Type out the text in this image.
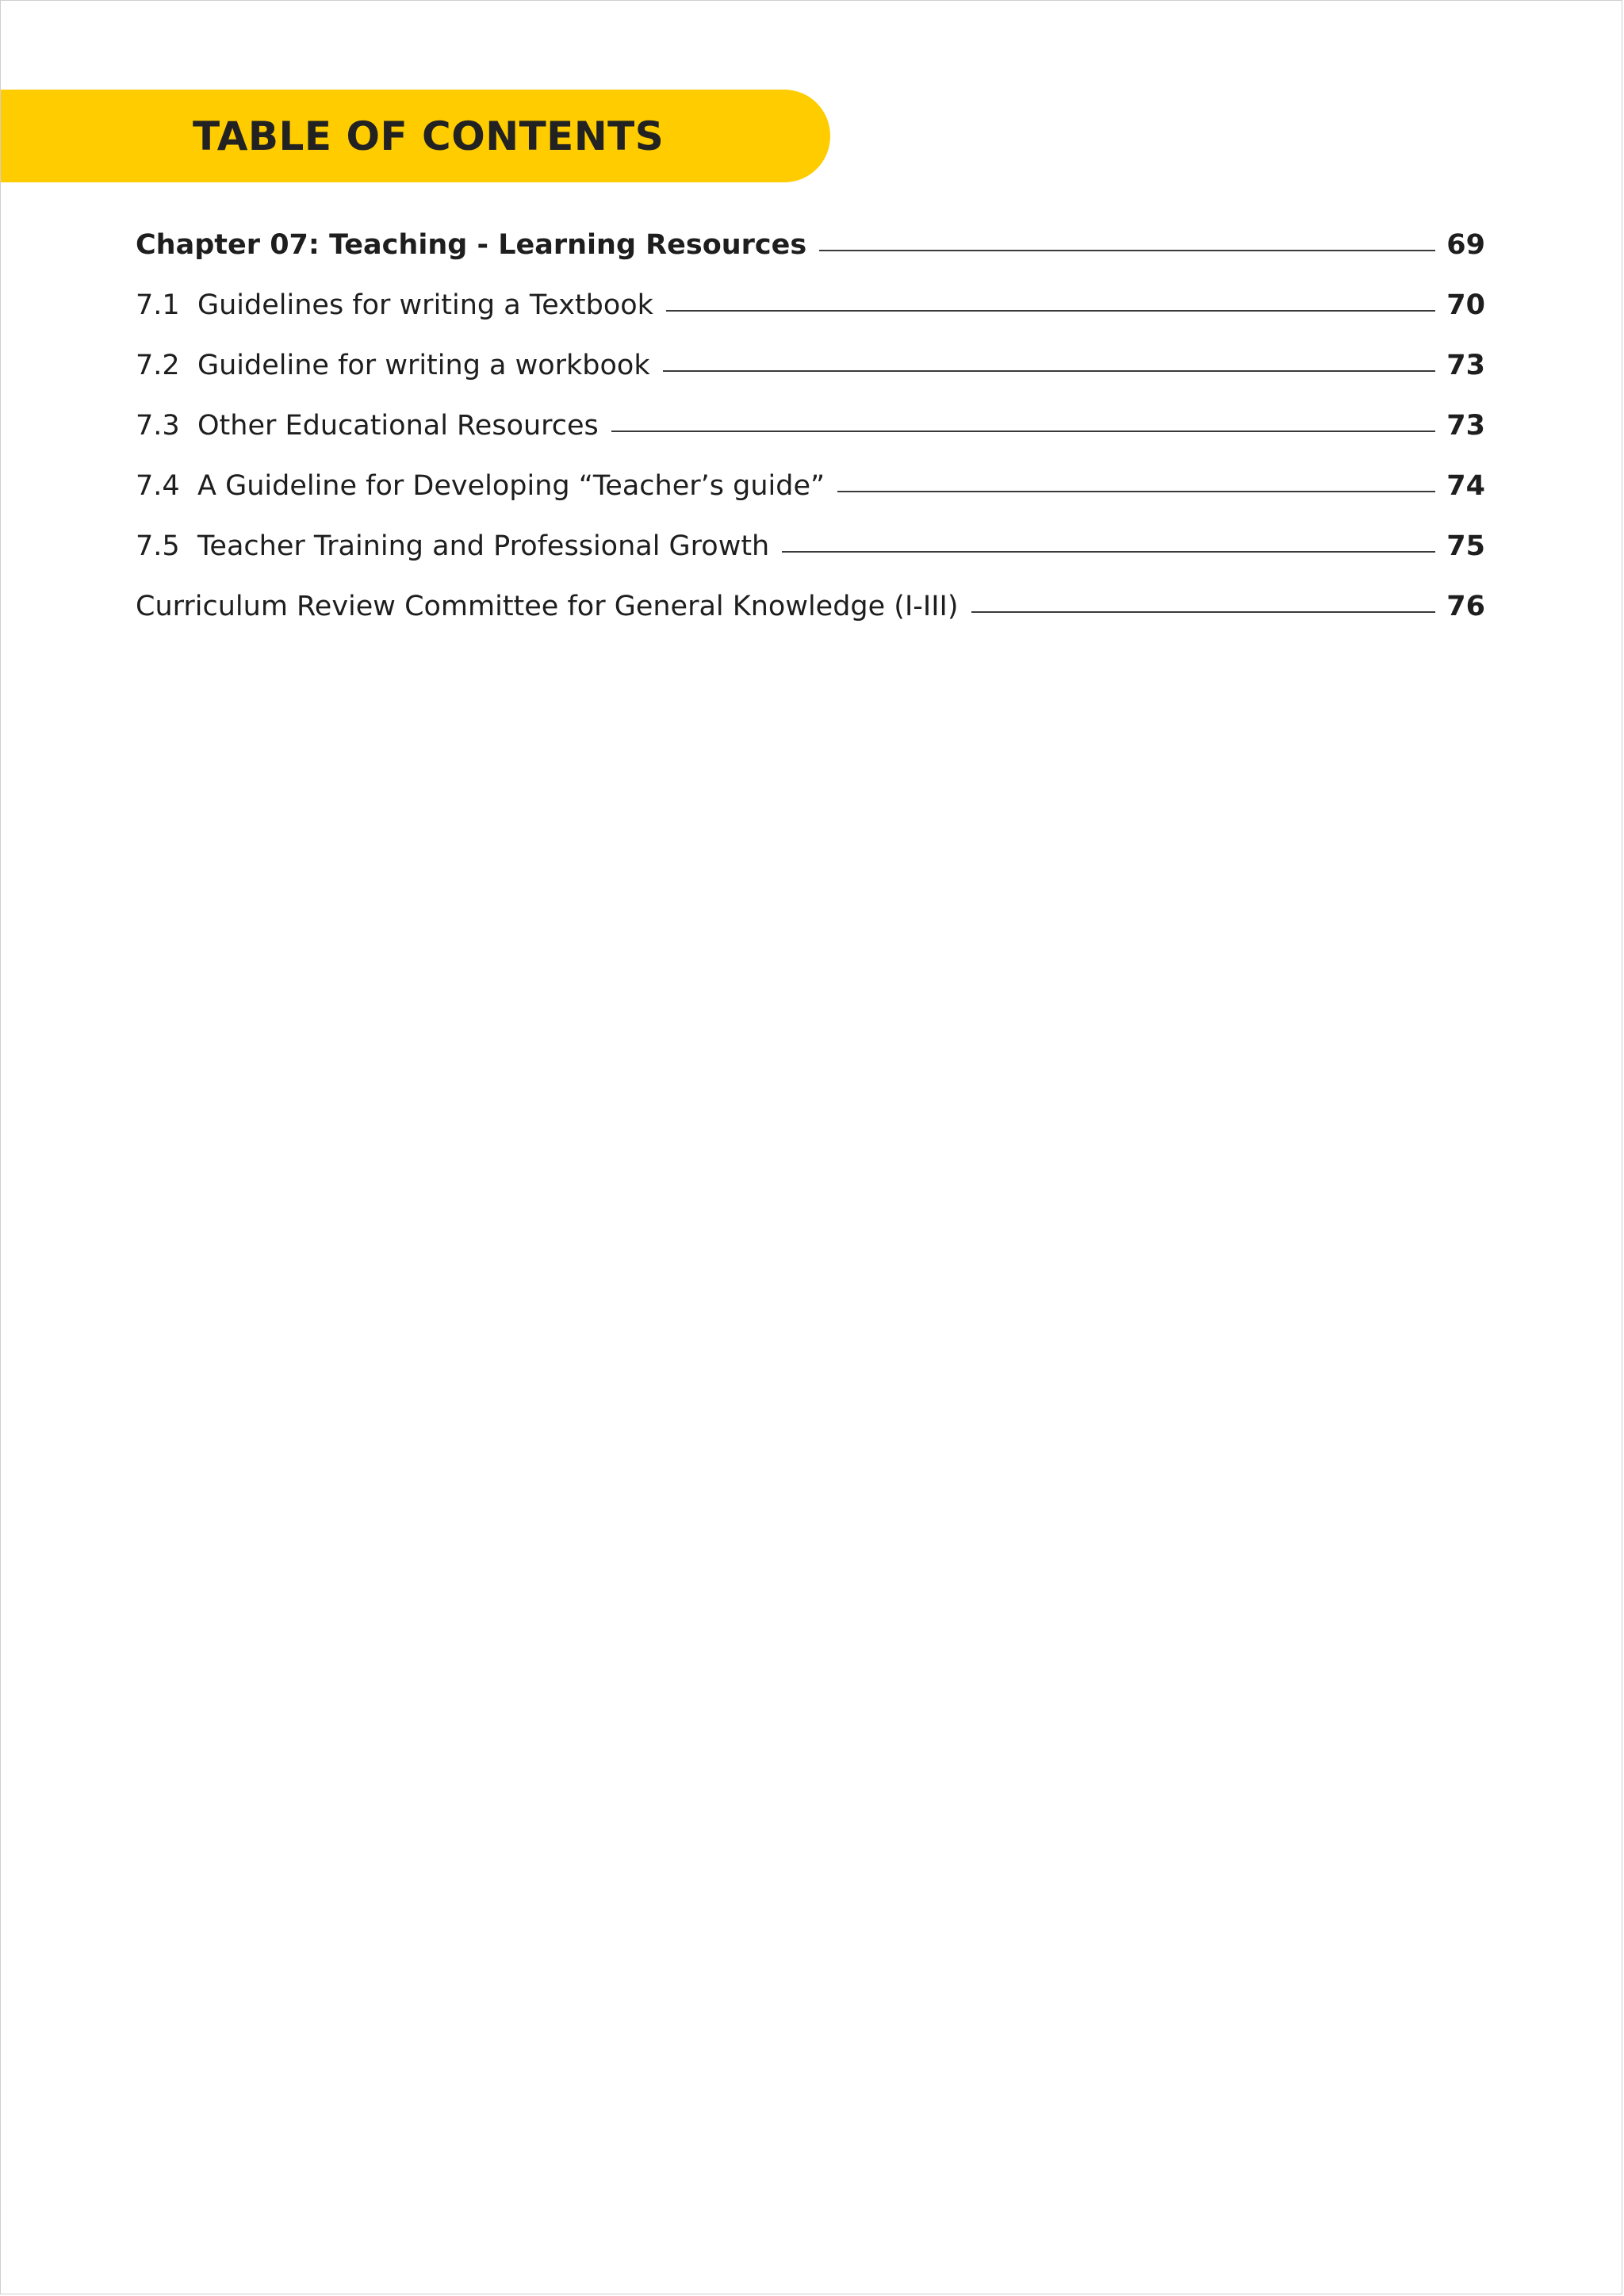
TABLE OF CONTENTS
Chapter 07: Teaching - Learning Resources	69
7.1 Guidelines for writing a Textbook	70
7.2 Guideline for writing a workbook	73
7.3 Other Educational Resources	73
7.4 A Guideline for Developing “Teacher’s guide”	74
7.5 Teacher Training and Professional Growth	75
Curriculum Review Committee for General Knowledge (I-III)	76
